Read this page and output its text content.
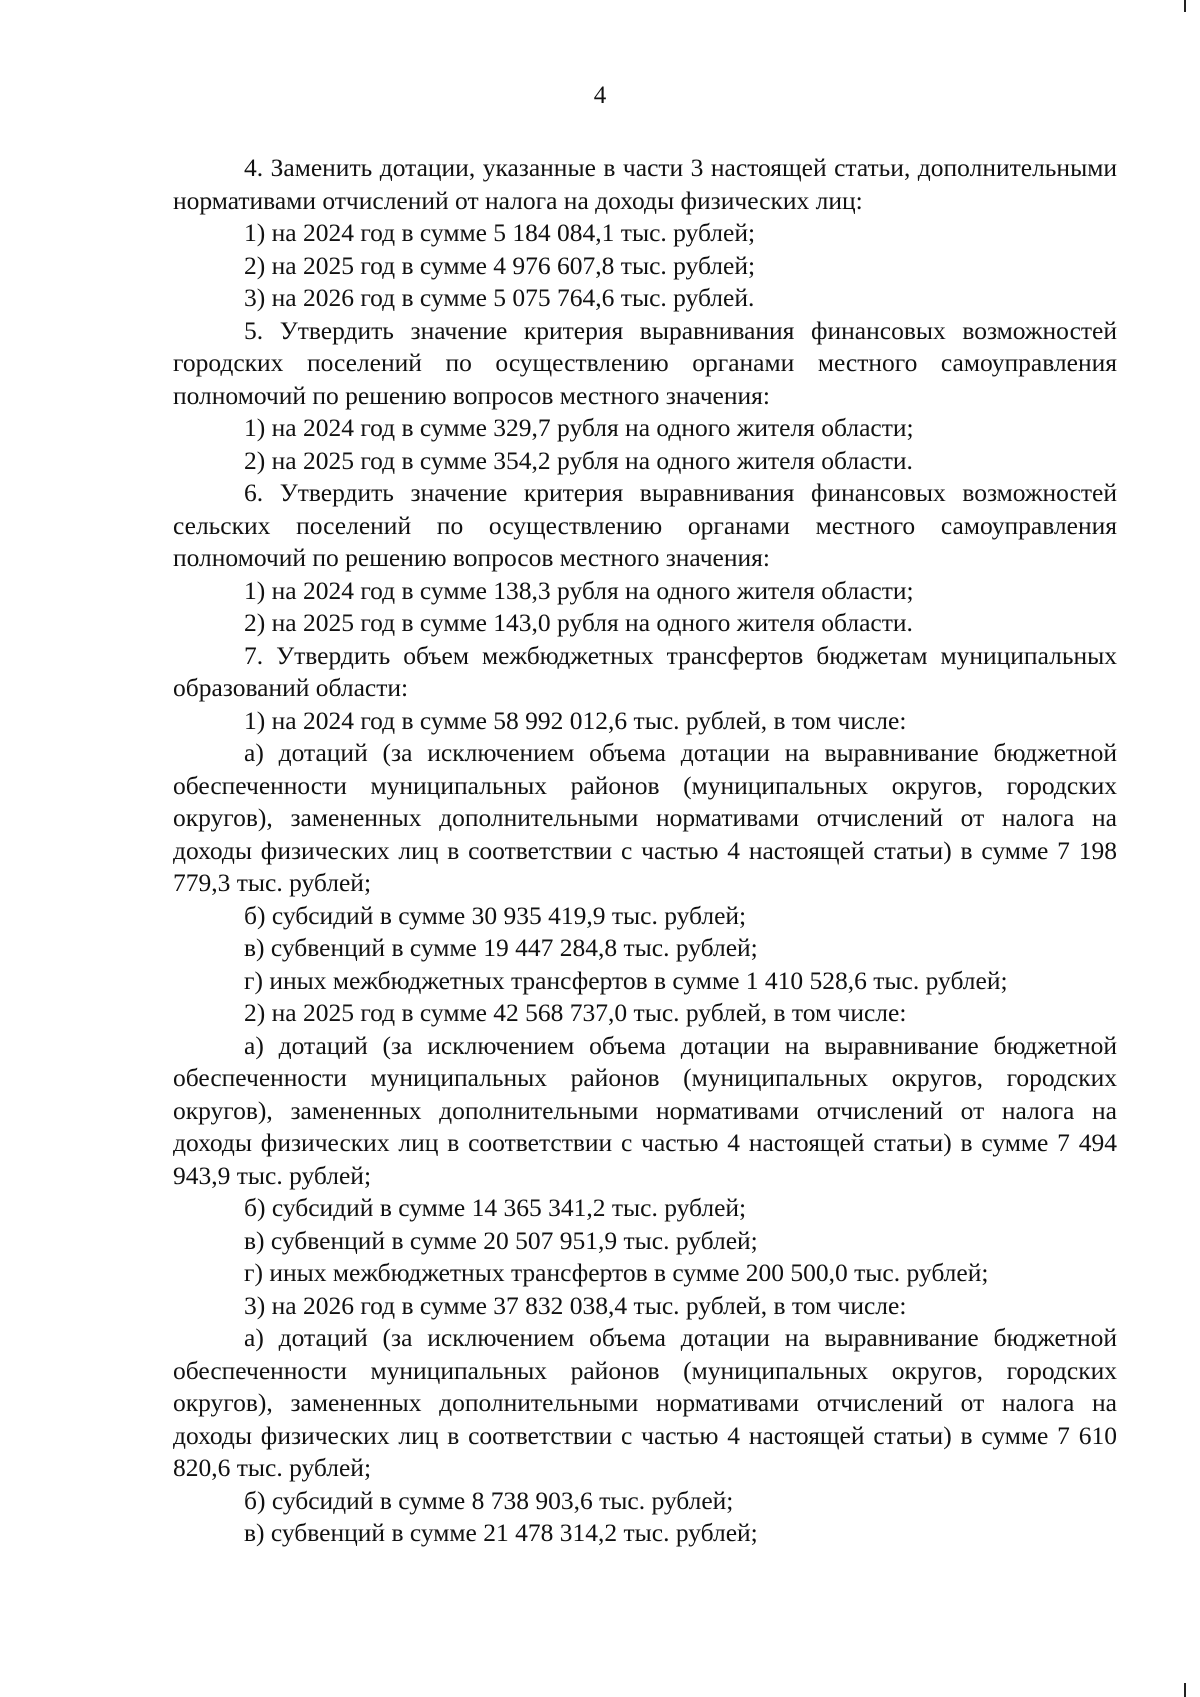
4

4. Заменить дотации, указанные в части 3 настоящей статьи, дополнительными нормативами отчислений от налога на доходы физических лиц:

1) на 2024 год в сумме 5 184 084,1 тыс. рублей;

2) на 2025 год в сумме 4 976 607,8 тыс. рублей;

3) на 2026 год в сумме 5 075 764,6 тыс. рублей.

5. Утвердить значение критерия выравнивания финансовых возможностей городских поселений по осуществлению органами местного самоуправления полномочий по решению вопросов местного значения:

1) на 2024 год в сумме 329,7 рубля на одного жителя области;

2) на 2025 год в сумме 354,2 рубля на одного жителя области.

6. Утвердить значение критерия выравнивания финансовых возможностей сельских поселений по осуществлению органами местного самоуправления полномочий по решению вопросов местного значения:

1) на 2024 год в сумме 138,3 рубля на одного жителя области;

2) на 2025 год в сумме 143,0 рубля на одного жителя области.

7. Утвердить объем межбюджетных трансфертов бюджетам муниципальных образований области:

1) на 2024 год в сумме 58 992 012,6 тыс. рублей, в том числе:

а) дотаций (за исключением объема дотации на выравнивание бюджетной обеспеченности муниципальных районов (муниципальных округов, городских округов), замененных дополнительными нормативами отчислений от налога на доходы физических лиц в соответствии с частью 4 настоящей статьи) в сумме 7 198 779,3 тыс. рублей;

б) субсидий в сумме 30 935 419,9 тыс. рублей;

в) субвенций в сумме 19 447 284,8 тыс. рублей;

г) иных межбюджетных трансфертов в сумме 1 410 528,6 тыс. рублей;

2) на 2025 год в сумме 42 568 737,0 тыс. рублей, в том числе:

а) дотаций (за исключением объема дотации на выравнивание бюджетной обеспеченности муниципальных районов (муниципальных округов, городских округов), замененных дополнительными нормативами отчислений от налога на доходы физических лиц в соответствии с частью 4 настоящей статьи) в сумме 7 494 943,9 тыс. рублей;

б) субсидий в сумме 14 365 341,2 тыс. рублей;

в) субвенций в сумме 20 507 951,9 тыс. рублей;

г) иных межбюджетных трансфертов в сумме 200 500,0 тыс. рублей;

3) на 2026 год в сумме 37 832 038,4 тыс. рублей, в том числе:

а) дотаций (за исключением объема дотации на выравнивание бюджетной обеспеченности муниципальных районов (муниципальных округов, городских округов), замененных дополнительными нормативами отчислений от налога на доходы физических лиц в соответствии с частью 4 настоящей статьи) в сумме 7 610 820,6 тыс. рублей;

б) субсидий в сумме 8 738 903,6 тыс. рублей;

в) субвенций в сумме 21 478 314,2 тыс. рублей;
